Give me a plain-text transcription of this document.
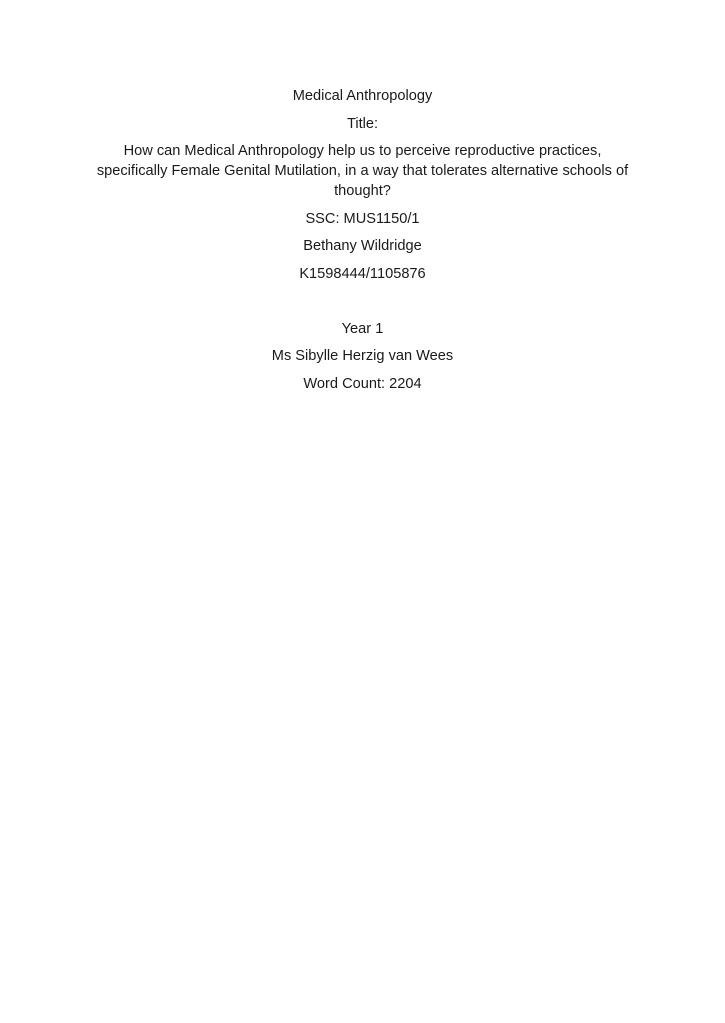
Medical Anthropology

Title:

How can Medical Anthropology help us to perceive reproductive practices, specifically Female Genital Mutilation, in a way that tolerates alternative schools of thought?

SSC: MUS1150/1

Bethany Wildridge

K1598444/1105876

Year 1

Ms Sibylle Herzig van Wees

Word Count: 2204
